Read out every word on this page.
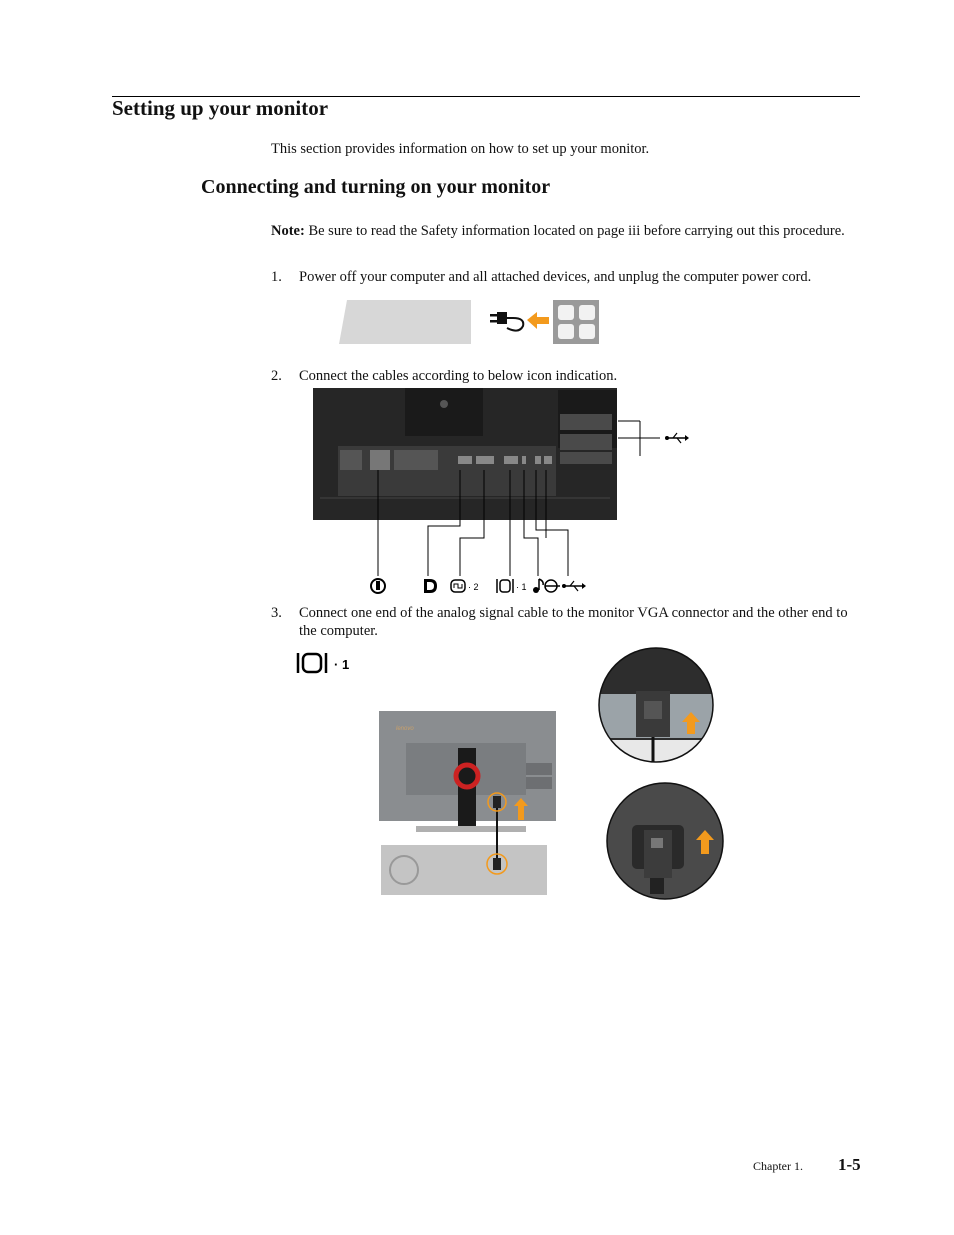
Setting up your monitor
This section provides information on how to set up your monitor.
Connecting and turning on your monitor
Note: Be sure to read the Safety information located on page iii before carrying out this procedure.
1. Power off your computer and all attached devices, and unplug the computer power cord.
2. Connect the cables according to below icon indication.
· 2	· 1
3. Connect one end of the analog signal cable to the monitor VGA connector and the other end to the computer.
· 1
lenovo
Chapter 1. 1-5
